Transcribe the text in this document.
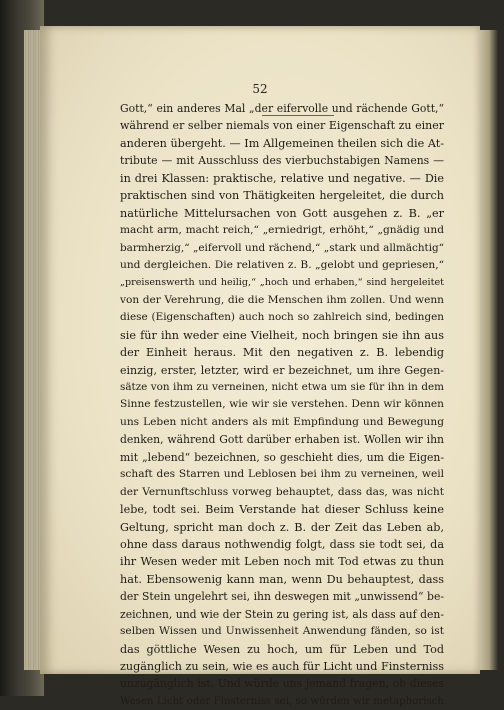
52
Gott,“ ein anderes Mal „der eifervolle und rächende Gott,“
während er selber niemals von einer Eigenschaft zu einer
anderen übergeht. — Im Allgemeinen theilen sich die At-
tribute — mit Ausschluss des vierbuchstabigen Namens —
in drei Klassen: praktische, relative und negative. — Die
praktischen sind von Thätigkeiten hergeleitet, die durch
natürliche Mittelursachen von Gott ausgehen z. B. „er
macht arm, macht reich,“ „erniedrigt, erhöht,“ „gnädig und
barmherzig,“ „eifervoll und rächend,“ „stark und allmächtig“
und dergleichen. Die relativen z. B. „gelobt und gepriesen,“
„preisenswerth und heilig,“ „hoch und erhaben,“ sind hergeleitet
von der Verehrung, die die Menschen ihm zollen. Und wenn
diese (Eigenschaften) auch noch so zahlreich sind, bedingen
sie für ihn weder eine Vielheit, noch bringen sie ihn aus
der Einheit heraus. Mit den negativen z. B. lebendig
einzig, erster, letzter, wird er bezeichnet, um ihre Gegen-
sätze von ihm zu verneinen, nicht etwa um sie für ihn in dem
Sinne festzustellen, wie wir sie verstehen. Denn wir können
uns Leben nicht anders als mit Empfindung und Bewegung
denken, während Gott darüber erhaben ist. Wollen wir ihn
mit „lebend“ bezeichnen, so geschieht dies, um die Eigen-
schaft des Starren und Leblosen bei ihm zu verneinen, weil
der Vernunftschluss vorweg behauptet, dass das, was nicht
lebe, todt sei. Beim Verstande hat dieser Schluss keine
Geltung, spricht man doch z. B. der Zeit das Leben ab,
ohne dass daraus nothwendig folgt, dass sie todt sei, da
ihr Wesen weder mit Leben noch mit Tod etwas zu thun
hat. Ebensowenig kann man, wenn Du behauptest, dass
der Stein ungelehrt sei, ihn deswegen mit „unwissend“ be-
zeichnen, und wie der Stein zu gering ist, als dass auf den-
selben Wissen und Unwissenheit Anwendung fänden, so ist
das göttliche Wesen zu hoch, um für Leben und Tod
zugänglich zu sein, wie es auch für Licht und Finsterniss
unzugänglich ist. Und würde uns jemand fragen, ob dieses
Wesen Licht oder Finsterniss sei, so würden wir metaphorisch
